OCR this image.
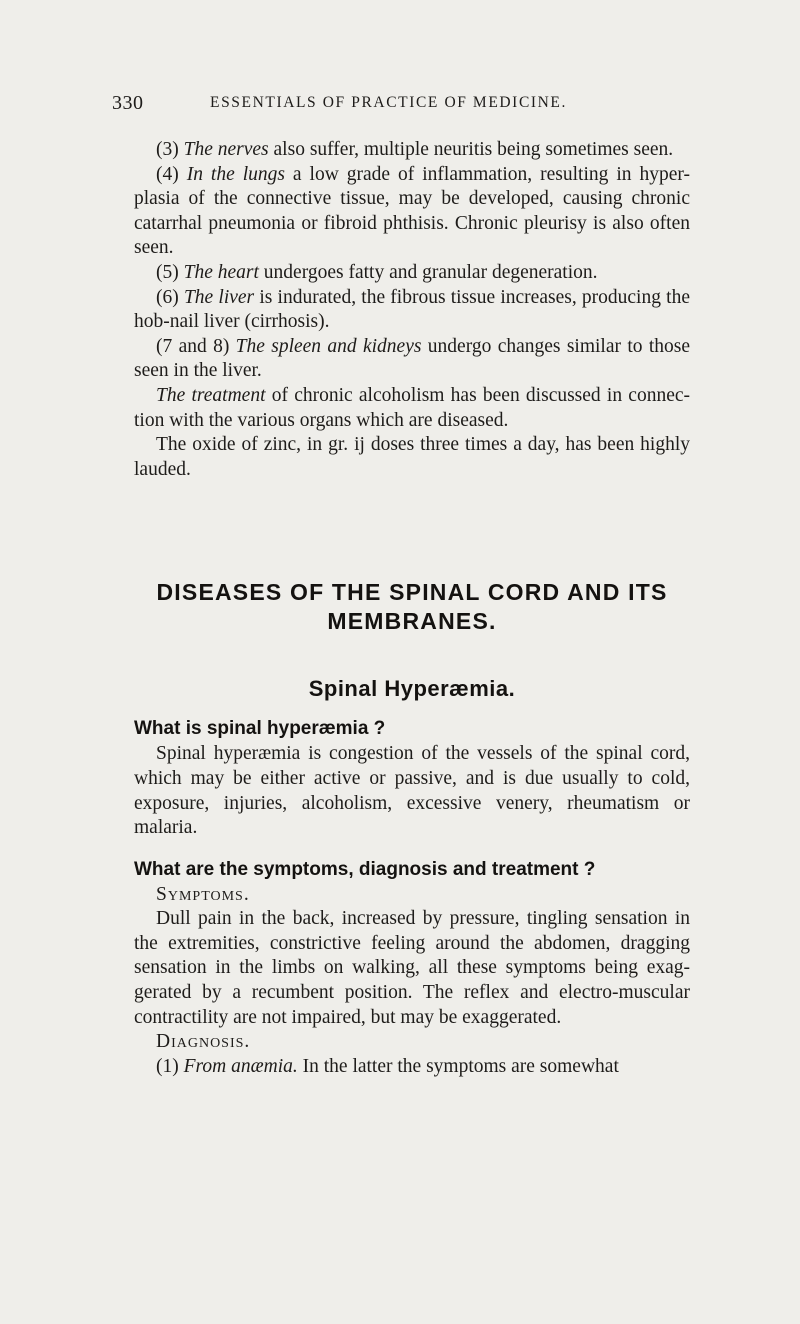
330	ESSENTIALS OF PRACTICE OF MEDICINE.

(3) The nerves also suffer, multiple neuritis being sometimes seen.

(4) In the lungs a low grade of inflammation, resulting in hyper-plasia of the connective tissue, may be developed, causing chronic catarrhal pneumonia or fibroid phthisis. Chronic pleurisy is also often seen.

(5) The heart undergoes fatty and granular degeneration.

(6) The liver is indurated, the fibrous tissue increases, producing the hob-nail liver (cirrhosis).

(7 and 8) The spleen and kidneys undergo changes similar to those seen in the liver.

The treatment of chronic alcoholism has been discussed in connec-tion with the various organs which are diseased.

The oxide of zinc, in gr. ij doses three times a day, has been highly lauded.

DISEASES OF THE SPINAL CORD AND ITS
MEMBRANES.
Spinal Hyperæmia.

What is spinal hyperæmia ?

Spinal hyperæmia is congestion of the vessels of the spinal cord, which may be either active or passive, and is due usually to cold, exposure, injuries, alcoholism, excessive venery, rheumatism or malaria.

What are the symptoms, diagnosis and treatment ?

Symptoms.

Dull pain in the back, increased by pressure, tingling sensation in the extremities, constrictive feeling around the abdomen, dragging sensation in the limbs on walking, all these symptoms being exag-gerated by a recumbent position. The reflex and electro-muscular contractility are not impaired, but may be exaggerated.

Diagnosis.

(1) From anæmia. In the latter the symptoms are somewhat
